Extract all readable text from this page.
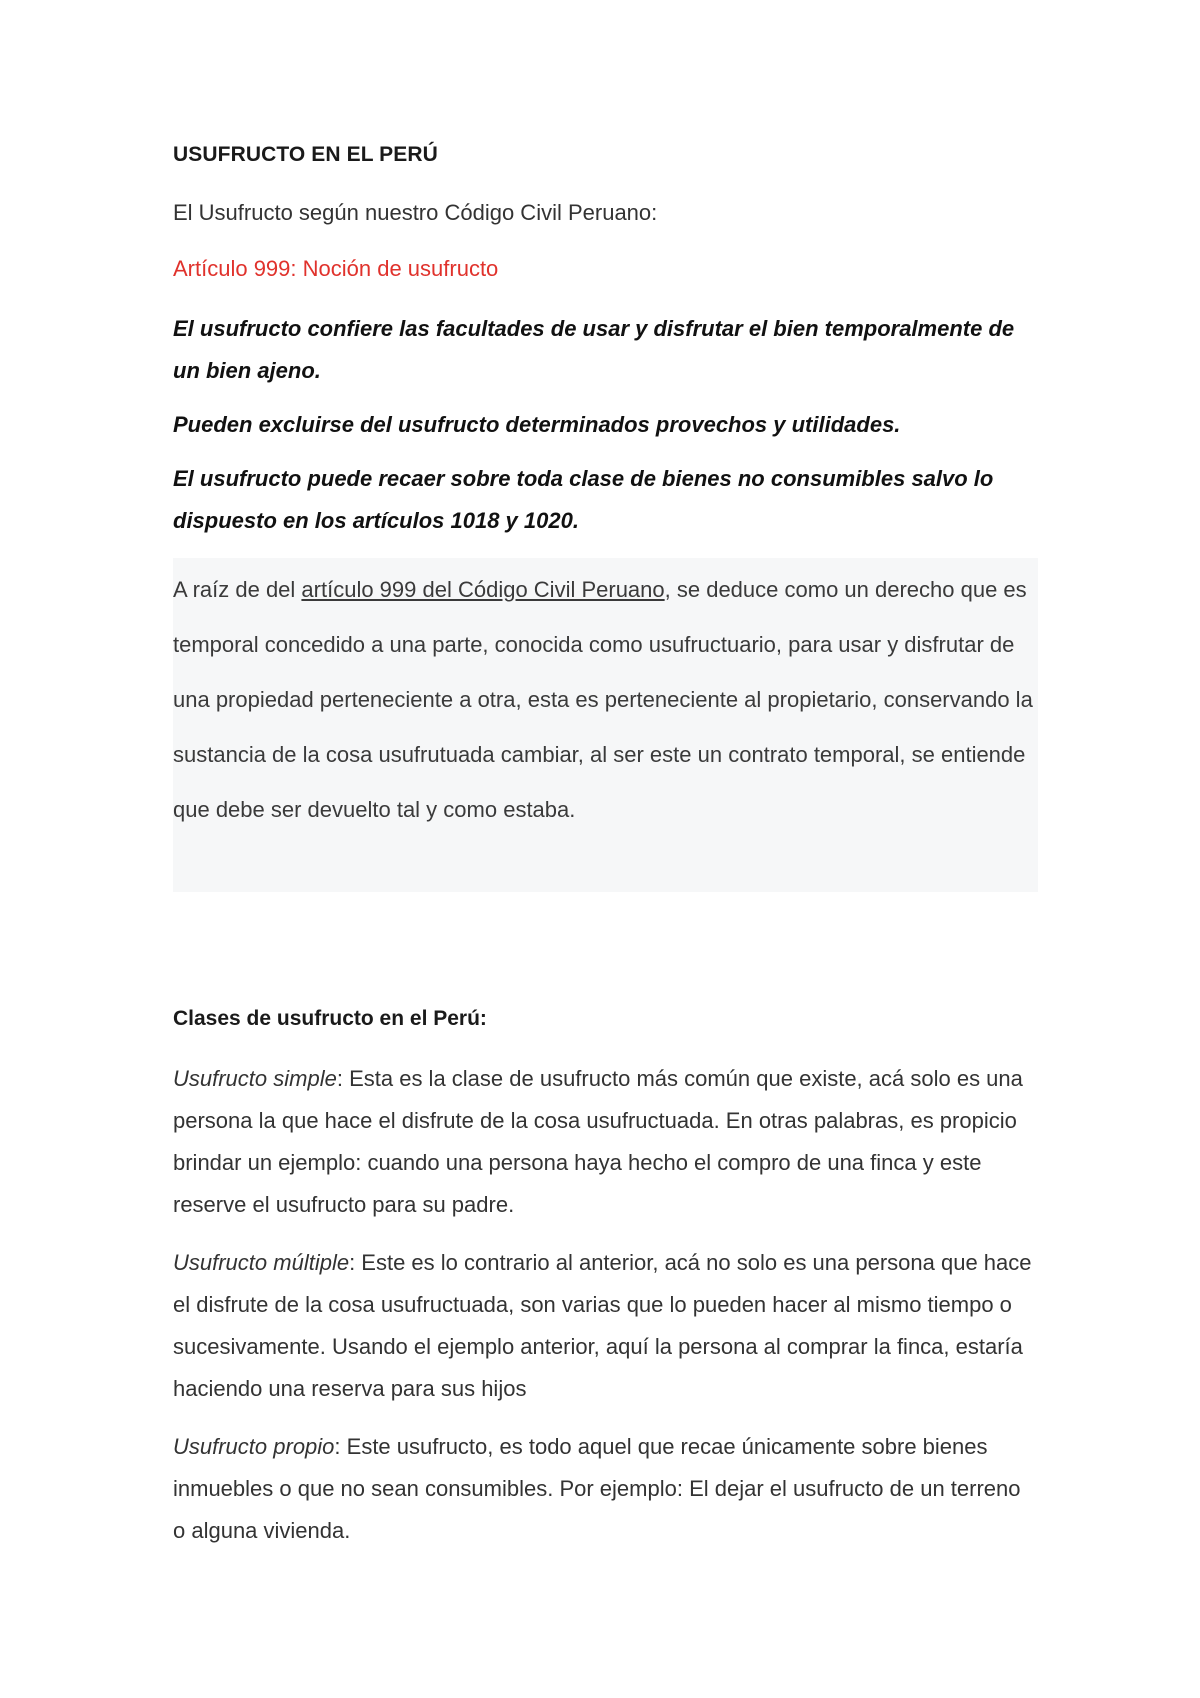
USUFRUCTO EN EL PERÚ
El Usufructo según nuestro Código Civil Peruano:
Artículo 999: Noción de usufructo
El usufructo confiere las facultades de usar y disfrutar el bien temporalmente de un bien ajeno.
Pueden excluirse del usufructo determinados provechos y utilidades.
El usufructo puede recaer sobre toda clase de bienes no consumibles salvo lo dispuesto en los artículos 1018 y 1020.
A raíz de del artículo 999 del Código Civil Peruano, se deduce como un derecho que es temporal concedido a una parte, conocida como usufructuario, para usar y disfrutar de una propiedad perteneciente a otra, esta es perteneciente al propietario, conservando la sustancia de la cosa usufrutuada cambiar, al ser este un contrato temporal, se entiende que debe ser devuelto tal y como estaba.
Clases de usufructo en el Perú:
Usufructo simple: Esta es la clase de usufructo más común que existe, acá solo es una persona la que hace el disfrute de la cosa usufructuada. En otras palabras, es propicio brindar un ejemplo: cuando una persona haya hecho el compro de una finca y este reserve el usufructo para su padre.
Usufructo múltiple: Este es lo contrario al anterior, acá no solo es una persona que hace el disfrute de la cosa usufructuada, son varias que lo pueden hacer al mismo tiempo o sucesivamente. Usando el ejemplo anterior, aquí la persona al comprar la finca, estaría haciendo una reserva para sus hijos
Usufructo propio: Este usufructo, es todo aquel que recae únicamente sobre bienes inmuebles o que no sean consumibles. Por ejemplo: El dejar el usufructo de un terreno o alguna vivienda.
